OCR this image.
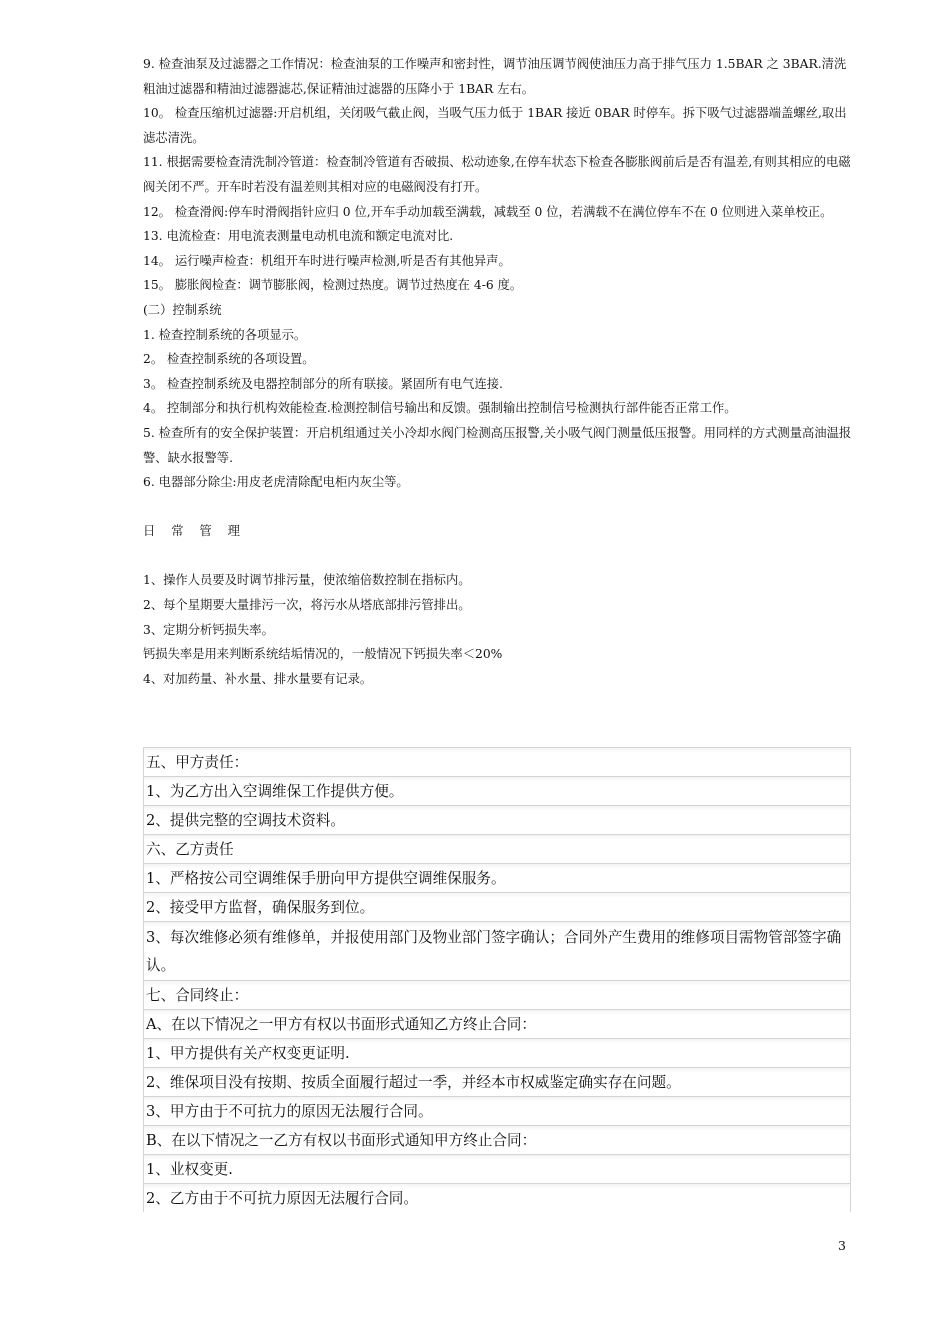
9. 检查油泵及过滤器之工作情况：检查油泵的工作噪声和密封性，调节油压调节阀使油压力高于排气压力 1.5BAR 之 3BAR.清洗粗油过滤器和精油过滤器滤芯,保证精油过滤器的压降小于 1BAR 左右。

10。 检查压缩机过滤器:开启机组，关闭吸气截止阀，当吸气压力低于 1BAR 接近 0BAR 时停车。拆下吸气过滤器端盖螺丝,取出滤芯清洗。

11. 根据需要检查清洗制冷管道：检查制冷管道有否破损、松动迹象,在停车状态下检查各膨胀阀前后是否有温差,有则其相应的电磁阀关闭不严。开车时若没有温差则其相对应的电磁阀没有打开。

12。 检查滑阀:停车时滑阀指针应归 0 位,开车手动加载至满载，减载至 0 位，若满载不在满位停车不在 0 位则进入菜单校正。

13. 电流检查：用电流表测量电动机电流和额定电流对比.

14。 运行噪声检查：机组开车时进行噪声检测,听是否有其他异声。

15。 膨胀阀检查：调节膨胀阀，检测过热度。调节过热度在 4-6 度。

(二）控制系统

1. 检查控制系统的各项显示。

2。 检查控制系统的各项设置。

3。 检查控制系统及电器控制部分的所有联接。紧固所有电气连接.

4。 控制部分和执行机构效能检查.检测控制信号输出和反馈。强制输出控制信号检测执行部件能否正常工作。

5. 检查所有的安全保护装置：开启机组通过关小冷却水阀门检测高压报警,关小吸气阀门测量低压报警。用同样的方式测量高油温报警、缺水报警等.

6. 电器部分除尘:用皮老虎清除配电柜内灰尘等。

日 常 管 理

1、操作人员要及时调节排污量，使浓缩倍数控制在指标内。

2、每个星期要大量排污一次，将污水从塔底部排污管排出。

3、定期分析钙损失率。

钙损失率是用来判断系统结垢情况的，一般情况下钙损失率＜20%

4、对加药量、补水量、排水量要有记录。

五、甲方责任：
1、为乙方出入空调维保工作提供方便。
2、提供完整的空调技术资料。
六、乙方责任
1、严格按公司空调维保手册向甲方提供空调维保服务。
2、接受甲方监督，确保服务到位。
3、每次维修必须有维修单，并报使用部门及物业部门签字确认；合同外产生费用的维修项目需物管部签字确认。
七、合同终止：
A、在以下情况之一甲方有权以书面形式通知乙方终止合同：
1、甲方提供有关产权变更证明.
2、维保项目没有按期、按质全面履行超过一季，并经本市权威鉴定确实存在问题。
3、甲方由于不可抗力的原因无法履行合同。
B、在以下情况之一乙方有权以书面形式通知甲方终止合同：
1、业权变更.
2、乙方由于不可抗力原因无法履行合同。
3
